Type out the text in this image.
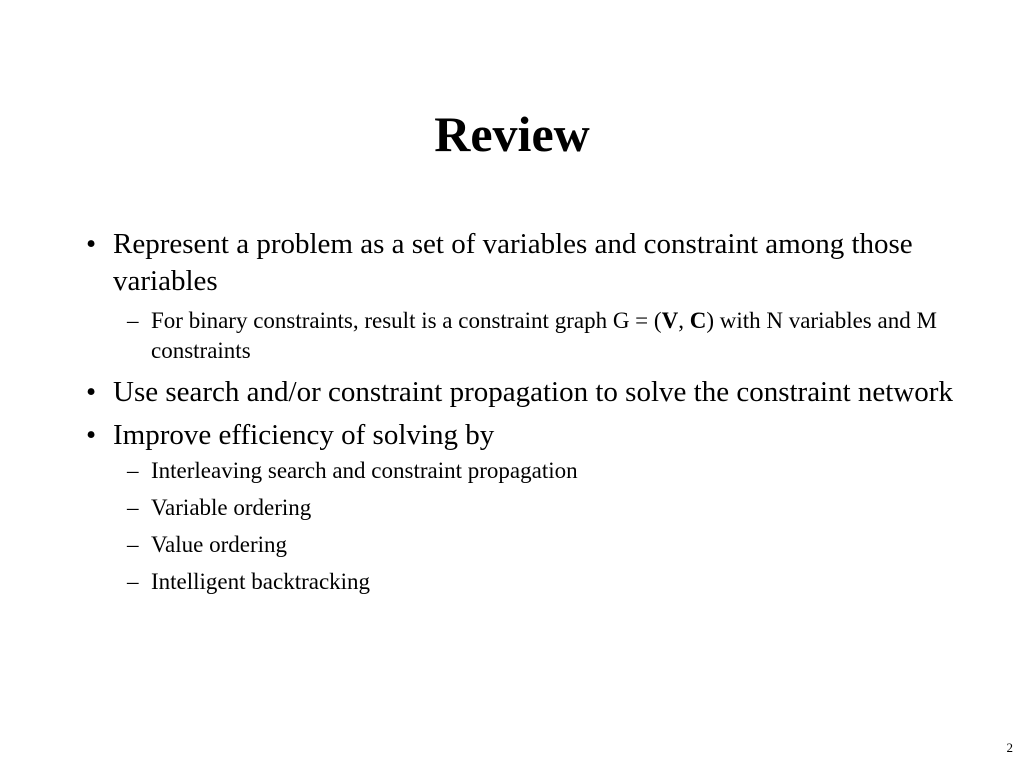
Review
• Represent a problem as a set of variables and constraint among those variables
– For binary constraints, result is a constraint graph G = (V, C) with N variables and M constraints
• Use search and/or constraint propagation to solve the constraint network
• Improve efficiency of solving by
– Interleaving search and constraint propagation
– Variable ordering
– Value ordering
– Intelligent backtracking
2
